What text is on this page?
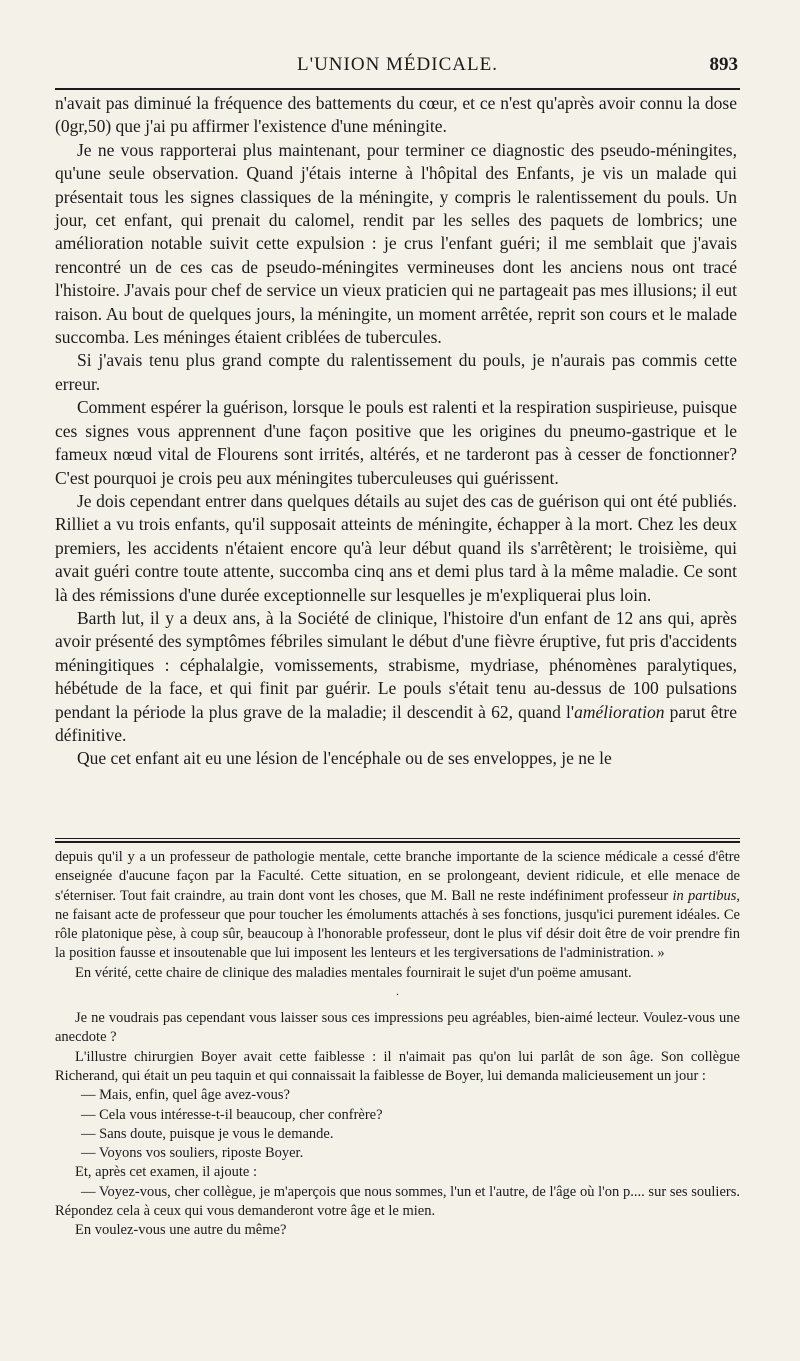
L'UNION MÉDICALE.	893

n'avait pas diminué la fréquence des battements du cœur, et ce n'est qu'après avoir connu la dose (0gr,50) que j'ai pu affirmer l'existence d'une méningite.

Je ne vous rapporterai plus maintenant, pour terminer ce diagnostic des pseudo-méningites, qu'une seule observation. Quand j'étais interne à l'hôpital des Enfants, je vis un malade qui présentait tous les signes classiques de la méningite, y compris le ralentissement du pouls. Un jour, cet enfant, qui prenait du calomel, rendit par les selles des paquets de lombrics; une amélioration notable suivit cette expulsion : je crus l'enfant guéri; il me semblait que j'avais rencontré un de ces cas de pseudo-méningites vermineuses dont les anciens nous ont tracé l'histoire. J'avais pour chef de service un vieux praticien qui ne partageait pas mes illusions; il eut raison. Au bout de quelques jours, la méningite, un moment arrêtée, reprit son cours et le malade succomba. Les méninges étaient criblées de tubercules.

Si j'avais tenu plus grand compte du ralentissement du pouls, je n'aurais pas commis cette erreur.

Comment espérer la guérison, lorsque le pouls est ralenti et la respiration suspirieuse, puisque ces signes vous apprennent d'une façon positive que les origines du pneumo-gastrique et le fameux nœud vital de Flourens sont irrités, altérés, et ne tarderont pas à cesser de fonctionner? C'est pourquoi je crois peu aux méningites tuberculeuses qui guérissent.

Je dois cependant entrer dans quelques détails au sujet des cas de guérison qui ont été publiés. Rilliet a vu trois enfants, qu'il supposait atteints de méningite, échapper à la mort. Chez les deux premiers, les accidents n'étaient encore qu'à leur début quand ils s'arrêtèrent; le troisième, qui avait guéri contre toute attente, succomba cinq ans et demi plus tard à la même maladie. Ce sont là des rémissions d'une durée exceptionnelle sur lesquelles je m'expliquerai plus loin.

Barth lut, il y a deux ans, à la Société de clinique, l'histoire d'un enfant de 12 ans qui, après avoir présenté des symptômes fébriles simulant le début d'une fièvre éruptive, fut pris d'accidents méningitiques : céphalalgie, vomissements, strabisme, mydriase, phénomènes paralytiques, hébétude de la face, et qui finit par guérir. Le pouls s'était tenu au-dessus de 100 pulsations pendant la période la plus grave de la maladie; il descendit à 62, quand l'amélioration parut être définitive.

Que cet enfant ait eu une lésion de l'encéphale ou de ses enveloppes, je ne le

depuis qu'il y a un professeur de pathologie mentale, cette branche importante de la science médicale a cessé d'être enseignée d'aucune façon par la Faculté. Cette situation, en se prolongeant, devient ridicule, et elle menace de s'éterniser. Tout fait craindre, au train dont vont les choses, que M. Ball ne reste indéfiniment professeur in partibus, ne faisant acte de professeur que pour toucher les émoluments attachés à ses fonctions, jusqu'ici purement idéales. Ce rôle platonique pèse, à coup sûr, beaucoup à l'honorable professeur, dont le plus vif désir doit être de voir prendre fin la position fausse et insoutenable que lui imposent les lenteurs et les tergiversations de l'administration. »

En vérité, cette chaire de clinique des maladies mentales fournirait le sujet d'un poëme amusant.

·

Je ne voudrais pas cependant vous laisser sous ces impressions peu agréables, bien-aimé lecteur. Voulez-vous une anecdote ?

L'illustre chirurgien Boyer avait cette faiblesse : il n'aimait pas qu'on lui parlât de son âge. Son collègue Richerand, qui était un peu taquin et qui connaissait la faiblesse de Boyer, lui demanda malicieusement un jour :

— Mais, enfin, quel âge avez-vous?

— Cela vous intéresse-t-il beaucoup, cher confrère?

— Sans doute, puisque je vous le demande.

— Voyons vos souliers, riposte Boyer.

Et, après cet examen, il ajoute :

— Voyez-vous, cher collègue, je m'aperçois que nous sommes, l'un et l'autre, de l'âge où l'on p.... sur ses souliers. Répondez cela à ceux qui vous demanderont votre âge et le mien.

En voulez-vous une autre du même?
